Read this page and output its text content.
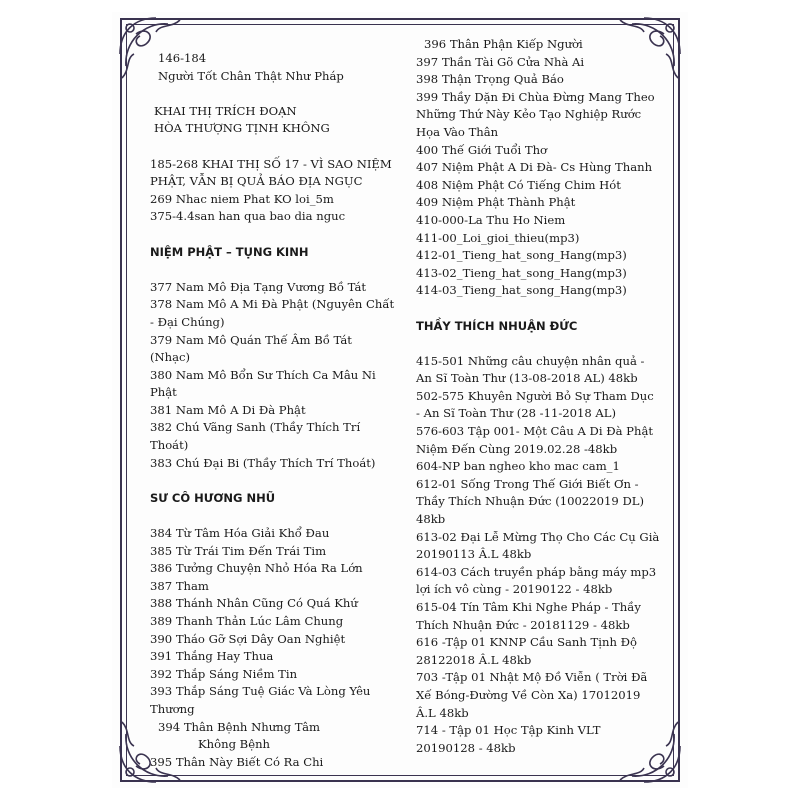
146-184
Người Tốt Chân Thật Như Pháp
KHAI THỊ TRÍCH ĐOẠN
HÒA THƯỢNG TỊNH KHÔNG
185-268 KHAI THỊ SỐ 17 - VÌ SAO NIỆM
PHẬT, VẪN BỊ QUẢ BÁO ĐỊA NGỤC
269 Nhac niem Phat KO loi_5m
375-4.4san han qua bao dia nguc
NIỆM PHẬT – TỤNG KINH
377 Nam Mô Địa Tạng Vương Bồ Tát
378 Nam Mô A Mi Đà Phật (Nguyên Chất
- Đại Chúng)
379 Nam Mô Quán Thế Âm Bồ Tát
(Nhạc)
380 Nam Mô Bổn Sư Thích Ca Mâu Ni
Phật
381 Nam Mô A Di Đà Phật
382 Chú Vãng Sanh (Thầy Thích Trí
Thoát)
383 Chú Đại Bi (Thầy Thích Trí Thoát)
SƯ CÔ HƯƠNG NHŨ
384 Từ Tâm Hóa Giải Khổ Đau
385 Từ Trái Tim Đến Trái Tim
386 Tưởng Chuyện Nhỏ Hóa Ra Lớn
387 Tham
388 Thánh Nhân Cũng Có Quá Khứ
389 Thanh Thản Lúc Lâm Chung
390 Tháo Gỡ Sợi Dây Oan Nghiệt
391 Thắng Hay Thua
392 Thắp Sáng Niềm Tin
393 Thắp Sáng Tuệ Giác Và Lòng Yêu
Thương
394 Thân Bệnh Nhưng Tâm
Không Bệnh
395 Thân Này Biết Có Ra Chi
396 Thân Phận Kiếp Người
397 Thần Tài Gõ Cửa Nhà Ai
398 Thận Trọng Quả Báo
399 Thầy Dặn Đi Chùa Đừng Mang Theo
Những Thứ Này Kẻo Tạo Nghiệp Rước
Họa Vào Thân
400 Thế Giới Tuổi Thơ
407 Niệm Phật A Di Đà- Cs Hùng Thanh
408 Niệm Phật Có Tiếng Chim Hót
409 Niệm Phật Thành Phật
410-000-La Thu Ho Niem
411-00_Loi_gioi_thieu(mp3)
412-01_Tieng_hat_song_Hang(mp3)
413-02_Tieng_hat_song_Hang(mp3)
414-03_Tieng_hat_song_Hang(mp3)
THẦY THÍCH NHUẬN ĐỨC
415-501 Những câu chuyện nhân quả -
An Sĩ Toàn Thư (13-08-2018 AL) 48kb
502-575 Khuyên Người Bỏ Sự Tham Dục
- An Sĩ Toàn Thư (28 -11-2018 AL)
576-603 Tập 001- Một Câu A Di Đà Phật
Niệm Đến Cùng 2019.02.28 -48kb
604-NP ban ngheo kho mac cam_1
612-01 Sống Trong Thế Giới Biết Ơn -
Thầy Thích Nhuận Đức (10022019 DL)
48kb
613-02 Đại Lễ Mừng Thọ Cho Các Cụ Già
20190113 Â.L 48kb
614-03 Cách truyền pháp bằng máy mp3
lợi ích vô cùng - 20190122 - 48kb
615-04 Tín Tâm Khi Nghe Pháp - Thầy
Thích Nhuận Đức - 20181129 - 48kb
616 -Tập 01 KNNP Cầu Sanh Tịnh Độ
28122018 Â.L 48kb
703 -Tập 01 Nhật Mộ Đồ Viễn ( Trời Đã
Xế Bóng-Đường Về Còn Xa) 17012019
Â.L 48kb
714 - Tập 01 Học Tập Kinh VLT
20190128 - 48kb
